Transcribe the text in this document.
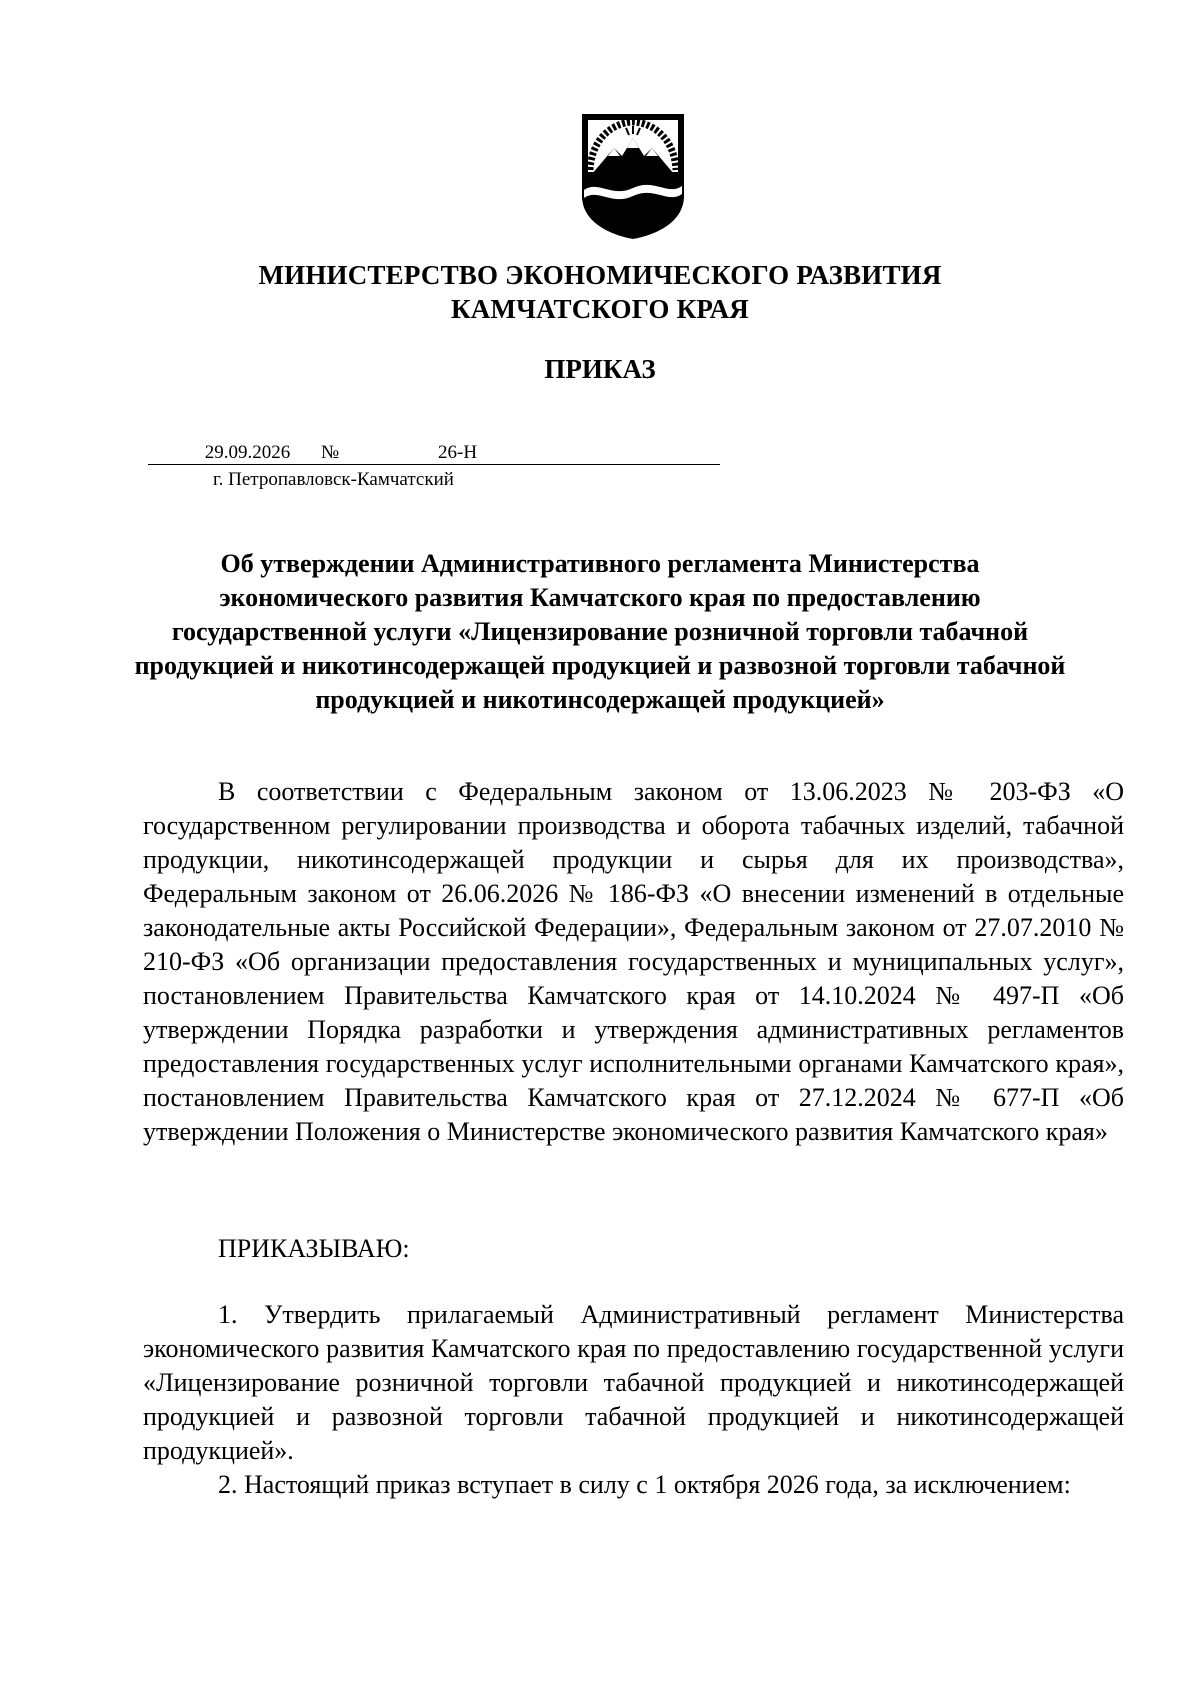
МИНИСТЕРСТВО ЭКОНОМИЧЕСКОГО РАЗВИТИЯ
КАМЧАТСКОГО КРАЯ
ПРИКАЗ
29.09.2026	№	26-Н
г. Петропавловск-Камчатский
Об утверждении Административного регламента Министерства экономического развития Камчатского края по предоставлению государственной услуги «Лицензирование розничной торговли табачной продукцией и никотинсодержащей продукцией и развозной торговли табачной продукцией и никотинсодержащей продукцией»
В соответствии с Федеральным законом от 13.06.2023 № 203-ФЗ «О государственном регулировании производства и оборота табачных изделий, табачной продукции, никотинсодержащей продукции и сырья для их производства», Федеральным законом от 26.06.2026 № 186-ФЗ «О внесении изменений в отдельные законодательные акты Российской Федерации», Федеральным законом от 27.07.2010 № 210-ФЗ «Об организации предоставления государственных и муниципальных услуг», постановлением Правительства Камчатского края от 14.10.2024 № 497-П «Об утверждении Порядка разработки и утверждения административных регламентов предоставления государственных услуг исполнительными органами Камчатского края», постановлением Правительства Камчатского края от 27.12.2024 № 677-П «Об утверждении Положения о Министерстве экономического развития Камчатского края»
ПРИКАЗЫВАЮ:
1. Утвердить прилагаемый Административный регламент Министерства экономического развития Камчатского края по предоставлению государственной услуги «Лицензирование розничной торговли табачной продукцией и никотинсодержащей продукцией и развозной торговли табачной продукцией и никотинсодержащей продукцией».
2. Настоящий приказ вступает в силу с 1 октября 2026 года, за исключением:
